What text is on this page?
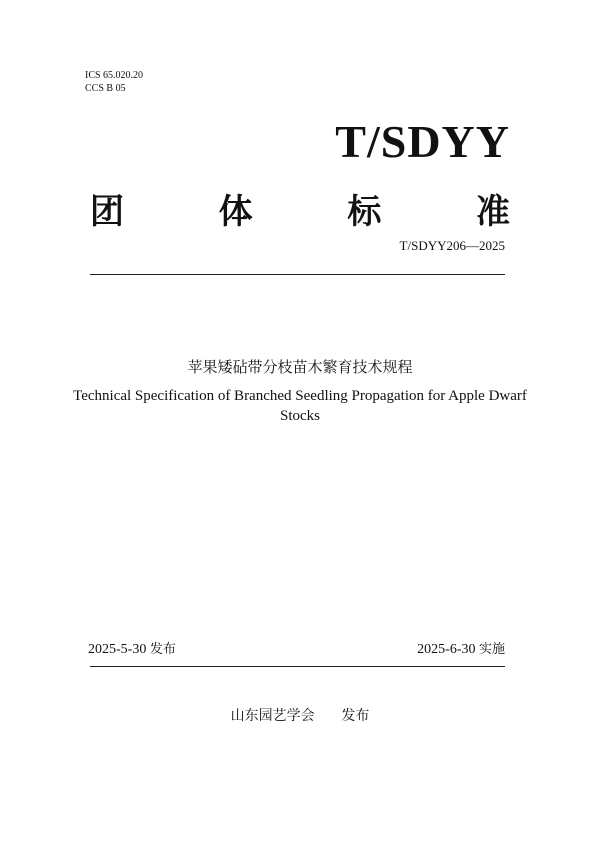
ICS 65.020.20
CCS B 05
T/SDYY
团	体	标	准
T/SDYY206—2025
苹果矮砧带分枝苗木繁育技术规程
Technical Specification of Branched Seedling Propagation for Apple Dwarf Stocks
2025-5-30 发布	2025-6-30 实施
山东园艺学会 发布
